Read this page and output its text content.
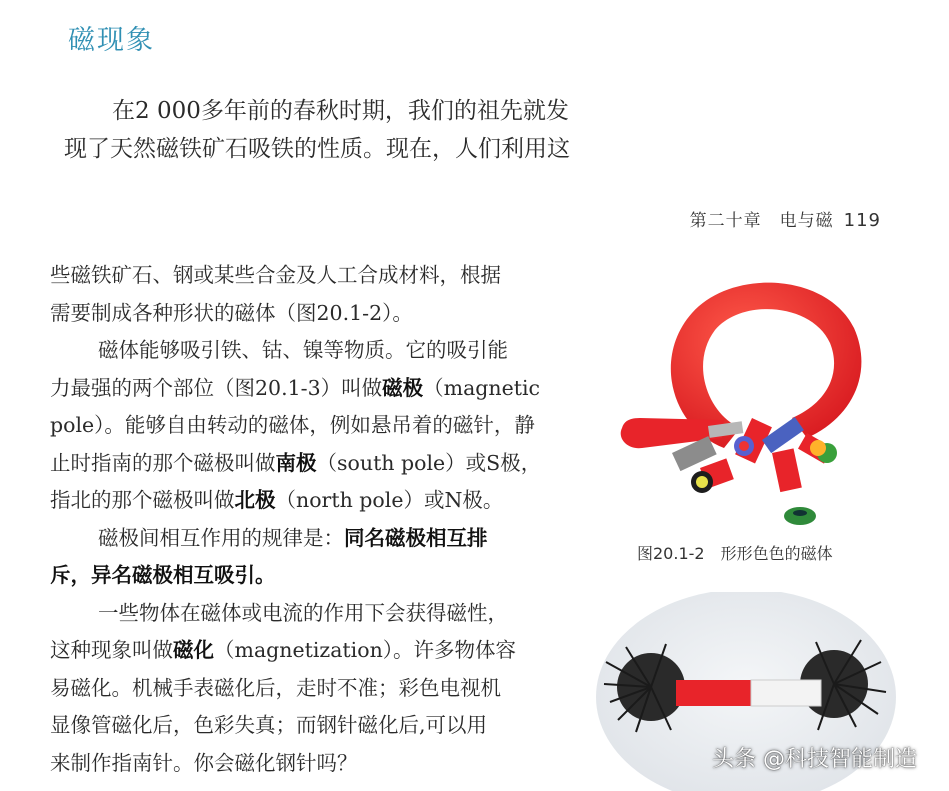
磁现象

在2 000多年前的春秋时期，我们的祖先就发

现了天然磁铁矿石吸铁的性质。现在，人们利用这

第二十章　电与磁 119

些磁铁矿石、钢或某些合金及人工合成材料，根据

需要制成各种形状的磁体（图20.1-2）。

磁体能够吸引铁、钴、镍等物质。它的吸引能

力最强的两个部位（图20.1-3）叫做磁极（magnetic

pole）。能够自由转动的磁体，例如悬吊着的磁针，静

止时指南的那个磁极叫做南极（south pole）或S极，

指北的那个磁极叫做北极（north pole）或N极。

磁极间相互作用的规律是：同名磁极相互排

斥，异名磁极相互吸引。

一些物体在磁体或电流的作用下会获得磁性，

这种现象叫做磁化（magnetization）。许多物体容

易磁化。机械手表磁化后，走时不准；彩色电视机

显像管磁化后，色彩失真；而钢针磁化后,可以用

来制作指南针。你会磁化钢针吗？

图20.1-2　形形色色的磁体
头条 @科技智能制造
